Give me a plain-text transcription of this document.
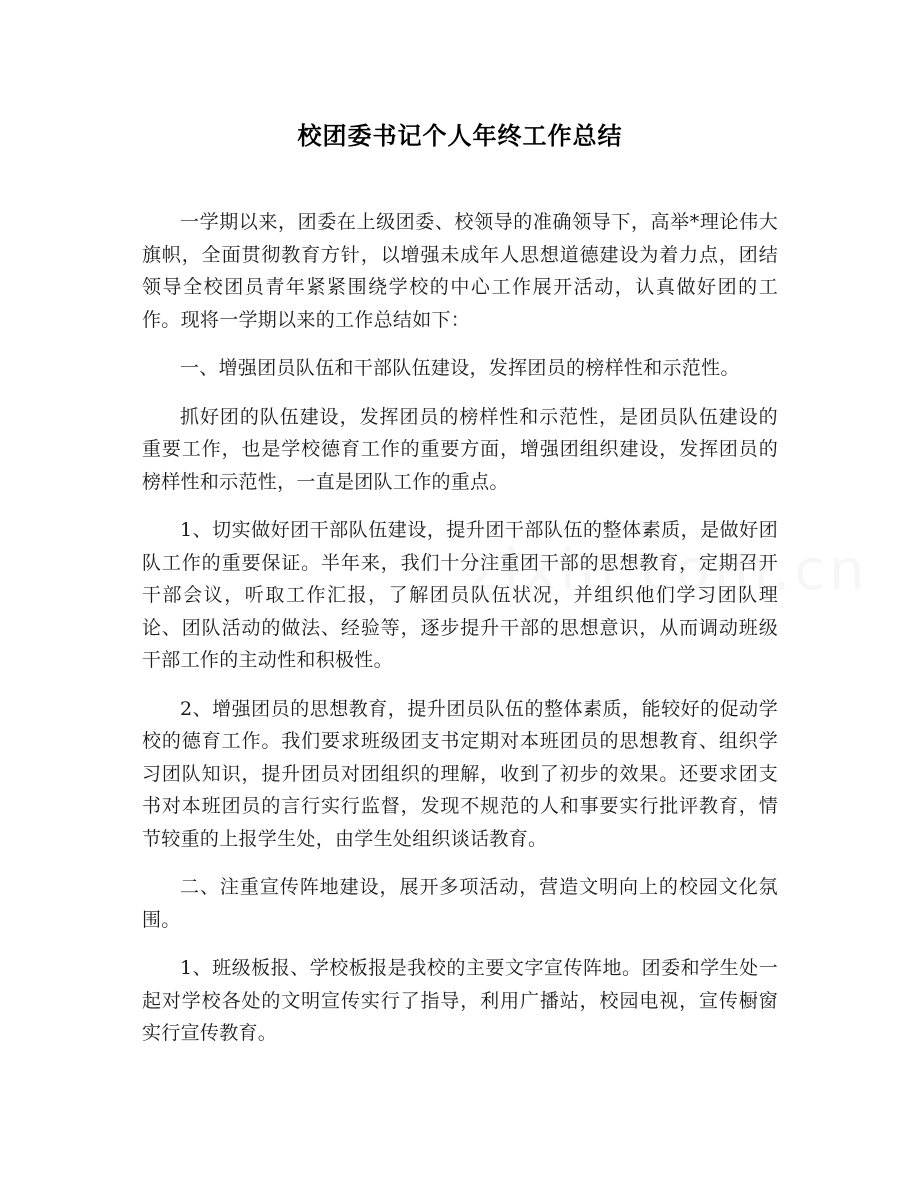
校团委书记个人年终工作总结

一学期以来，团委在上级团委、校领导的准确领导下，高举*理论伟大旗帜，全面贯彻教育方针，以增强未成年人思想道德建设为着力点，团结领导全校团员青年紧紧围绕学校的中心工作展开活动，认真做好团的工作。现将一学期以来的工作总结如下：

一、增强团员队伍和干部队伍建设，发挥团员的榜样性和示范性。

抓好团的队伍建设，发挥团员的榜样性和示范性，是团员队伍建设的重要工作，也是学校德育工作的重要方面，增强团组织建设，发挥团员的榜样性和示范性，一直是团队工作的重点。

1、切实做好团干部队伍建设，提升团干部队伍的整体素质，是做好团队工作的重要保证。半年来，我们十分注重团干部的思想教育，定期召开干部会议，听取工作汇报，了解团员队伍状况，并组织他们学习团队理论、团队活动的做法、经验等，逐步提升干部的思想意识，从而调动班级干部工作的主动性和积极性。

2、增强团员的思想教育，提升团员队伍的整体素质，能较好的促动学校的德育工作。我们要求班级团支书定期对本班团员的思想教育、组织学习团队知识，提升团员对团组织的理解，收到了初步的效果。还要求团支书对本班团员的言行实行监督，发现不规范的人和事要实行批评教育，情节较重的上报学生处，由学生处组织谈话教育。

二、注重宣传阵地建设，展开多项活动，营造文明向上的校园文化氛围。

1、班级板报、学校板报是我校的主要文字宣传阵地。团委和学生处一起对学校各处的文明宣传实行了指导，利用广播站，校园电视，宣传橱窗实行宣传教育。
